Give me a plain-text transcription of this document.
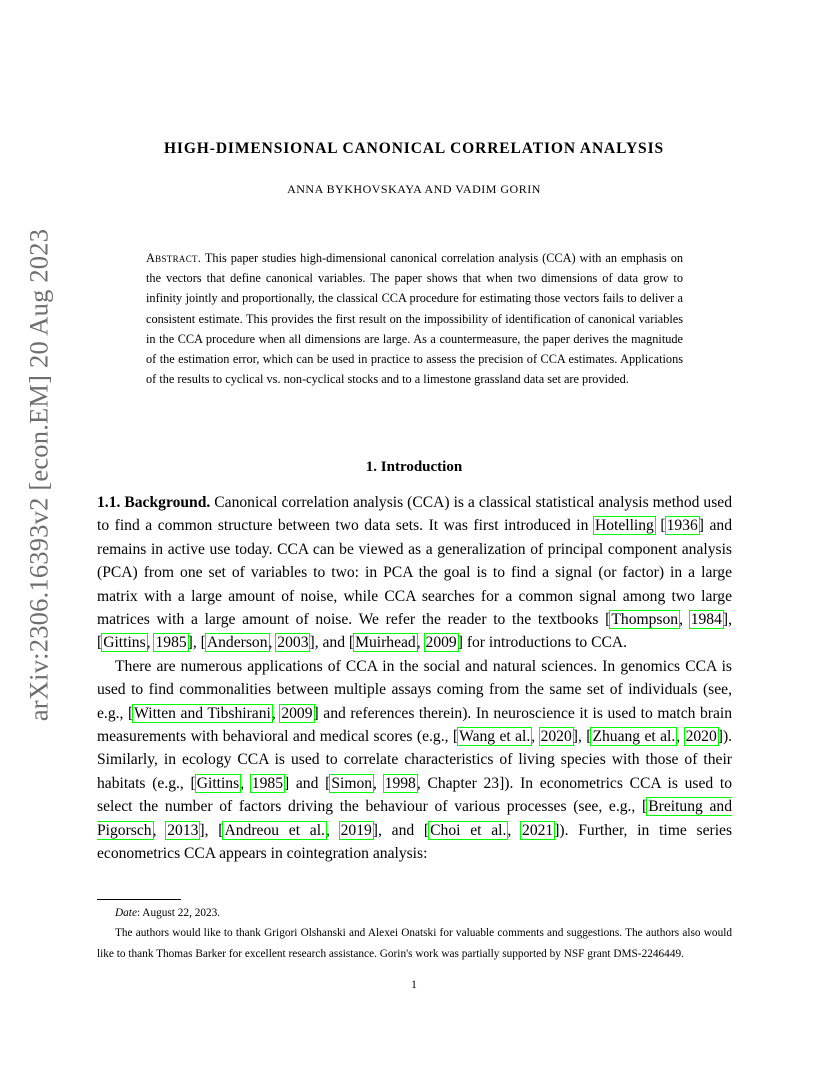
arXiv:2306.16393v2 [econ.EM] 20 Aug 2023
HIGH-DIMENSIONAL CANONICAL CORRELATION ANALYSIS
ANNA BYKHOVSKAYA AND VADIM GORIN
Abstract. This paper studies high-dimensional canonical correlation analysis (CCA) with an emphasis on the vectors that define canonical variables. The paper shows that when two dimensions of data grow to infinity jointly and proportionally, the classical CCA procedure for estimating those vectors fails to deliver a consistent estimate. This provides the first result on the impossibility of identification of canonical variables in the CCA procedure when all dimensions are large. As a countermeasure, the paper derives the magnitude of the estimation error, which can be used in practice to assess the precision of CCA estimates. Applications of the results to cyclical vs. non-cyclical stocks and to a limestone grassland data set are provided.
1. Introduction

1.1. Background. Canonical correlation analysis (CCA) is a classical statistical analysis method used to find a common structure between two data sets. It was first introduced in Hotelling [1936] and remains in active use today. CCA can be viewed as a generalization of principal component analysis (PCA) from one set of variables to two: in PCA the goal is to find a signal (or factor) in a large matrix with a large amount of noise, while CCA searches for a common signal among two large matrices with a large amount of noise. We refer the reader to the textbooks [Thompson, 1984], [Gittins, 1985], [Anderson, 2003], and [Muirhead, 2009] for introductions to CCA.

There are numerous applications of CCA in the social and natural sciences. In genomics CCA is used to find commonalities between multiple assays coming from the same set of individuals (see, e.g., [Witten and Tibshirani, 2009] and references therein). In neuroscience it is used to match brain measurements with behavioral and medical scores (e.g., [Wang et al., 2020], [Zhuang et al., 2020]). Similarly, in ecology CCA is used to correlate characteristics of living species with those of their habitats (e.g., [Gittins, 1985] and [Simon, 1998, Chapter 23]). In econometrics CCA is used to select the number of factors driving the behaviour of various processes (see, e.g., [Breitung and Pigorsch, 2013], [Andreou et al., 2019], and [Choi et al., 2021]). Further, in time series econometrics CCA appears in cointegration analysis:

Date: August 22, 2023.

The authors would like to thank Grigori Olshanski and Alexei Onatski for valuable comments and suggestions. The authors also would like to thank Thomas Barker for excellent research assistance. Gorin's work was partially supported by NSF grant DMS-2246449.

1
